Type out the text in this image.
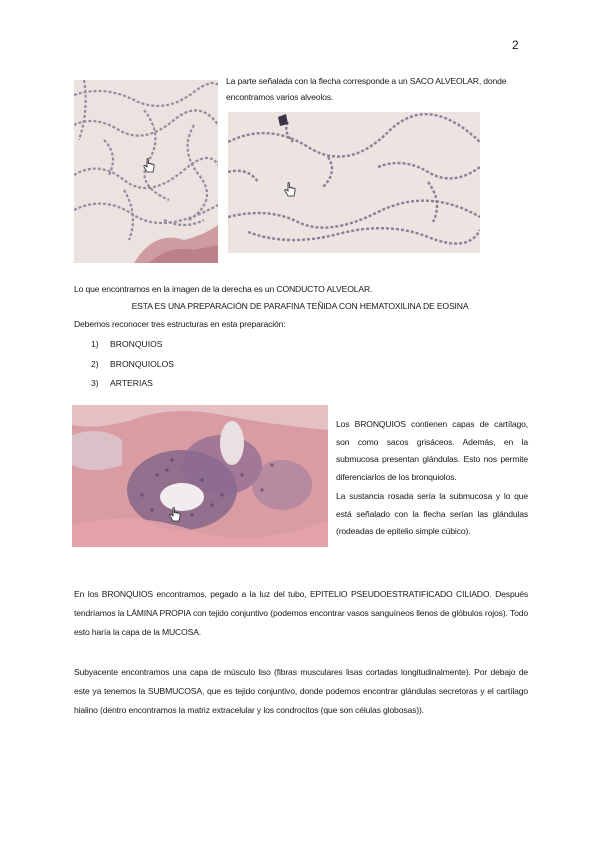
2
La parte señalada con la flecha corresponde a un SACO ALVEOLAR, donde encontramos varios alveolos.
Lo que encontramos en la imagen de la derecha es un CONDUCTO ALVEOLAR.
ESTA ES UNA PREPARACIÓN DE PARAFINA TEÑIDA CON HEMATOXILINA DE EOSINA
Debemos reconocer tres estructuras en esta preparación:
1) BRONQUIOS
2) BRONQUIOLOS
3) ARTERIAS
Los BRONQUIOS contienen capas de cartílago, son como sacos grisáceos. Además, en la submucosa presentan glándulas. Esto nos permite diferenciarlos de los bronquiolos.
La sustancia rosada sería la submucosa y lo que está señalado con la flecha serían las glándulas (rodeadas de epitelio simple cúbico).
En los BRONQUIOS encontramos, pegado a la luz del tubo, EPITELIO PSEUDOESTRATIFICADO CILIADO. Después tendríamos la LÁMINA PROPIA con tejido conjuntivo (podemos encontrar vasos sanguíneos llenos de glóbulos rojos). Todo esto haría la capa de la MUCOSA.
Subyacente encontramos una capa de músculo liso (fibras musculares lisas cortadas longitudinalmente). Por debajo de este ya tenemos la SUBMUCOSA, que es tejido conjuntivo, donde podemos encontrar glándulas secretoras y el cartílago hialino (dentro encontramos la matriz extracelular y los condrocitos (que son células globosas)).
